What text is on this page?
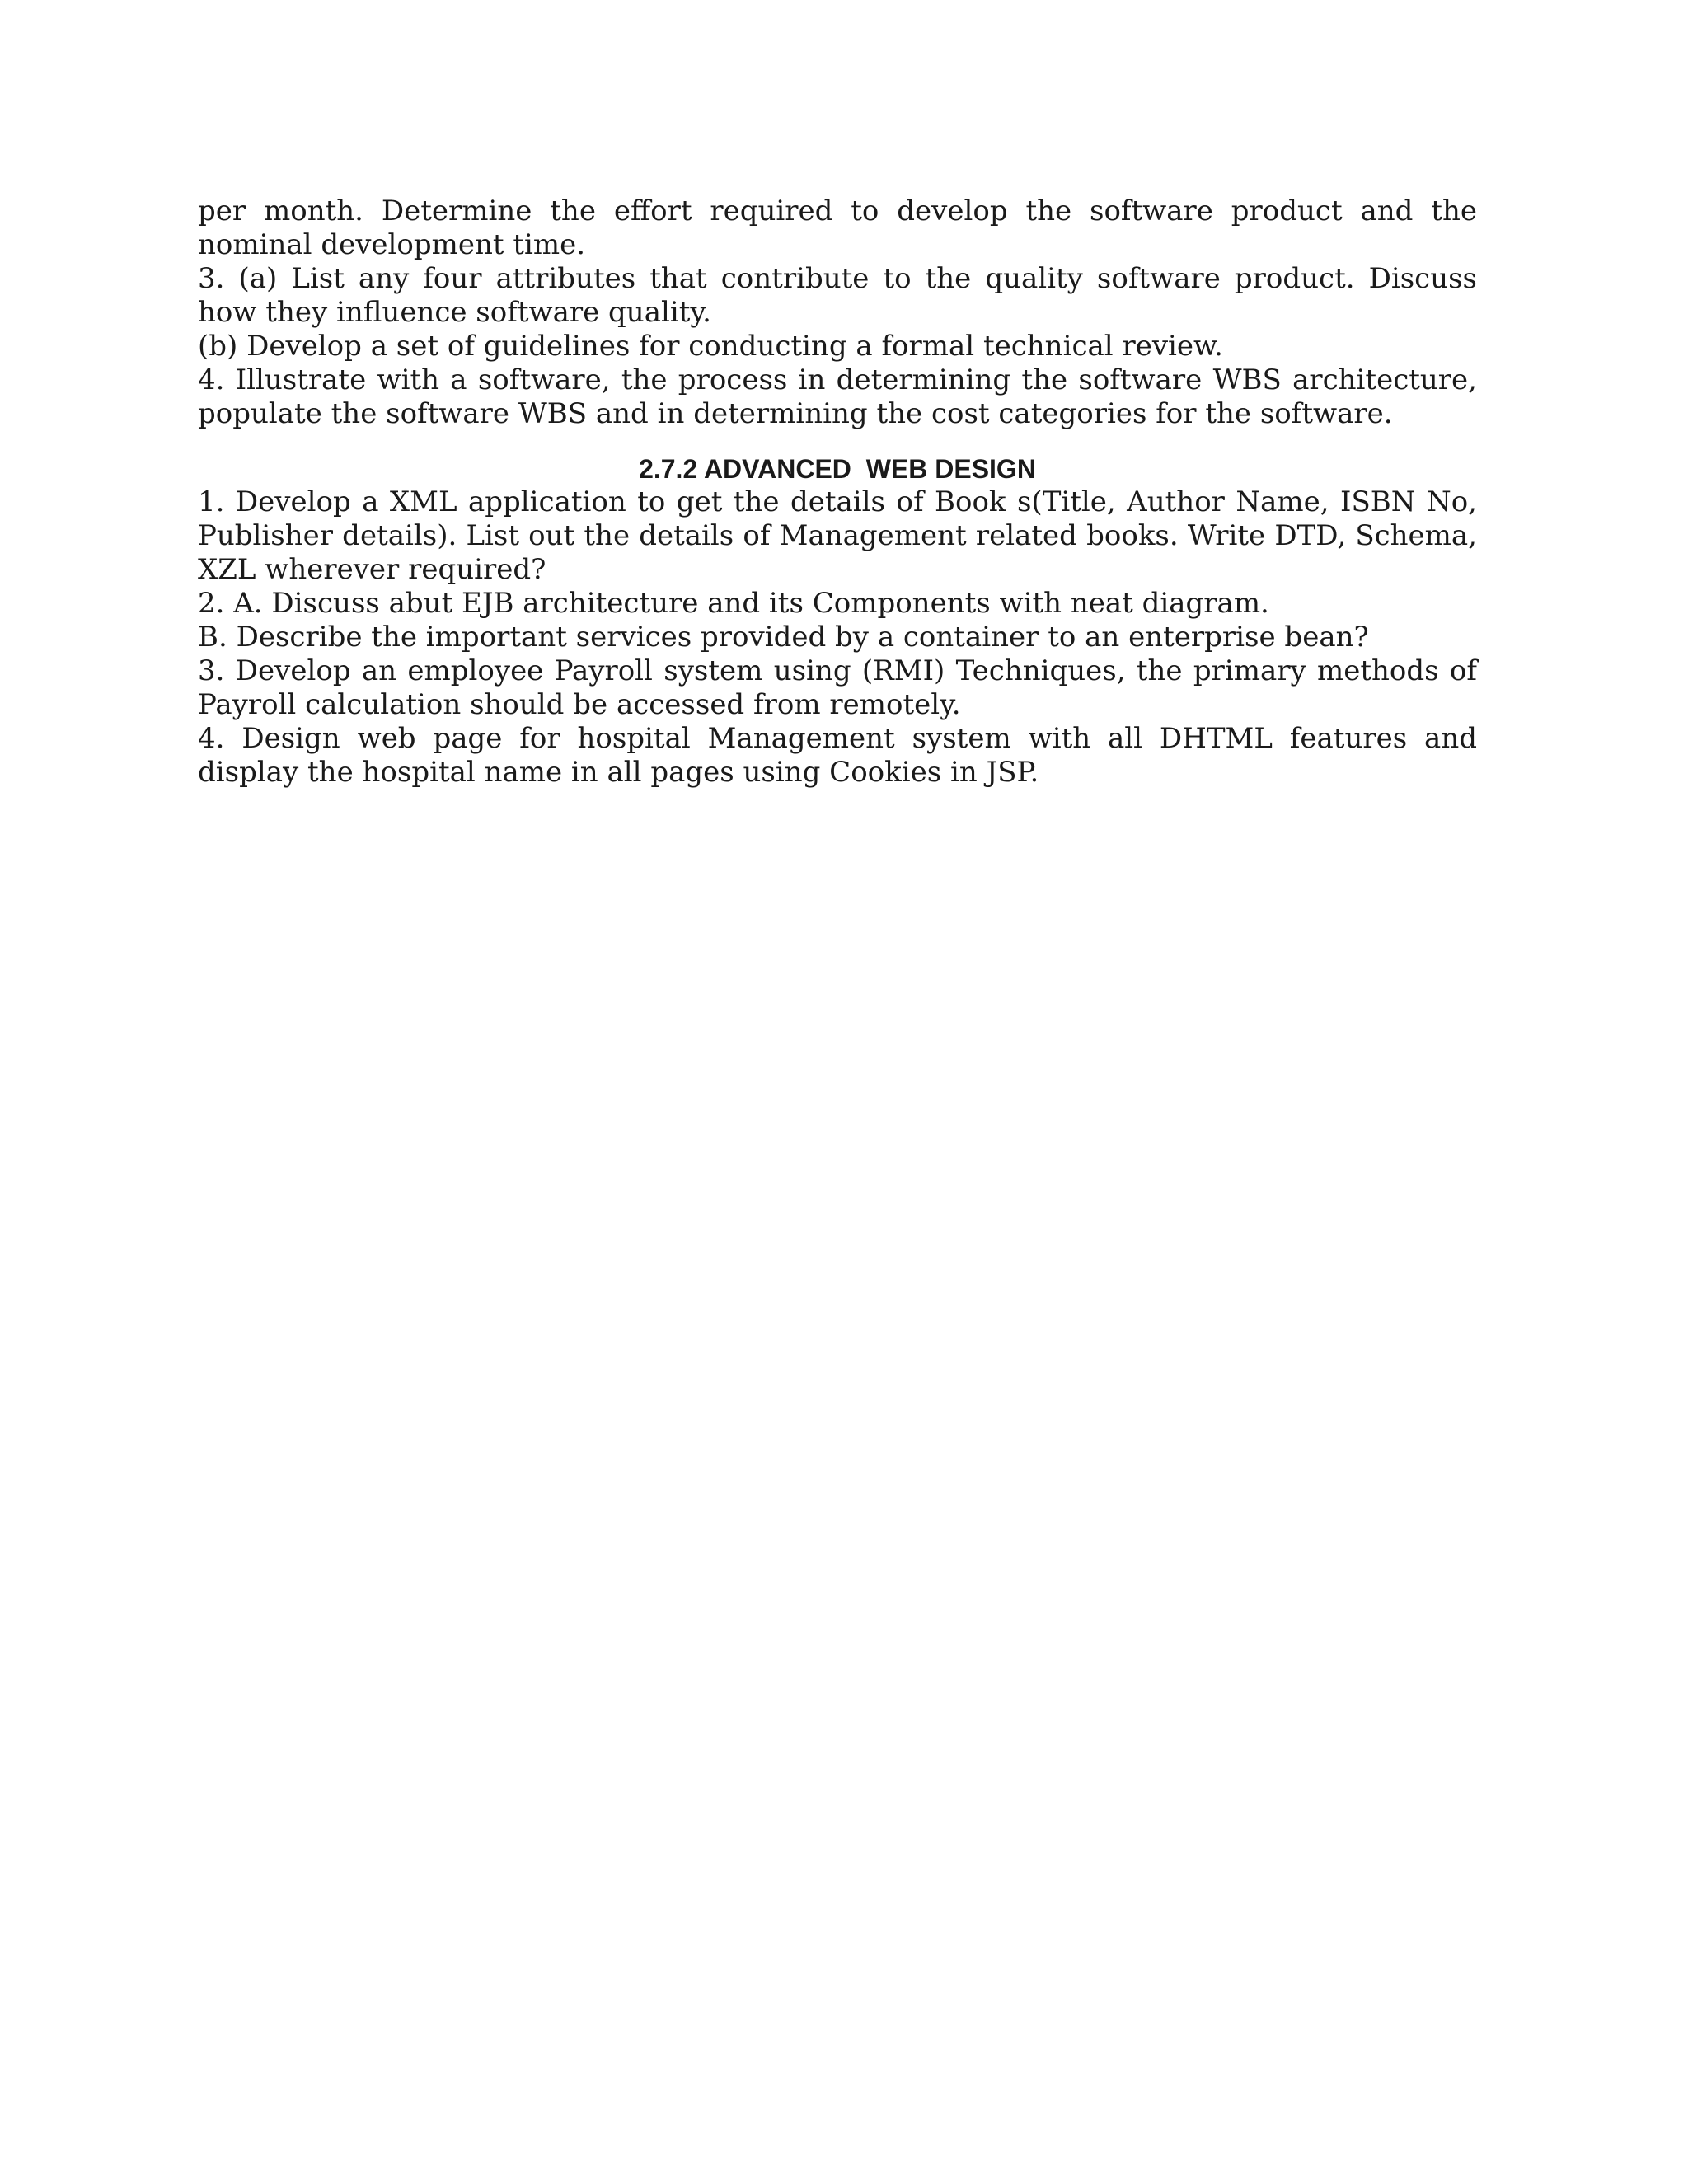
per month. Determine the effort required to develop the software product and the nominal development time.

3. (a) List any four attributes that contribute to the quality software product. Discuss how they influence software quality.

(b) Develop a set of guidelines for conducting a formal technical review.

4. Illustrate with a software, the process in determining the software WBS architecture, populate the software WBS and in determining the cost categories for the software.

2.7.2 ADVANCED  WEB DESIGN

1. Develop a XML application to get the details of Book s(Title, Author Name, ISBN No, Publisher details). List out the details of Management related books. Write DTD, Schema, XZL wherever required?

2. A. Discuss abut EJB architecture and its Components with neat diagram.

B. Describe the important services provided by a container to an enterprise bean?

3. Develop an employee Payroll system using (RMI) Techniques, the primary methods of Payroll calculation should be accessed from remotely.

4. Design web page for hospital Management system with all DHTML features and display the hospital name in all pages using Cookies in JSP.
